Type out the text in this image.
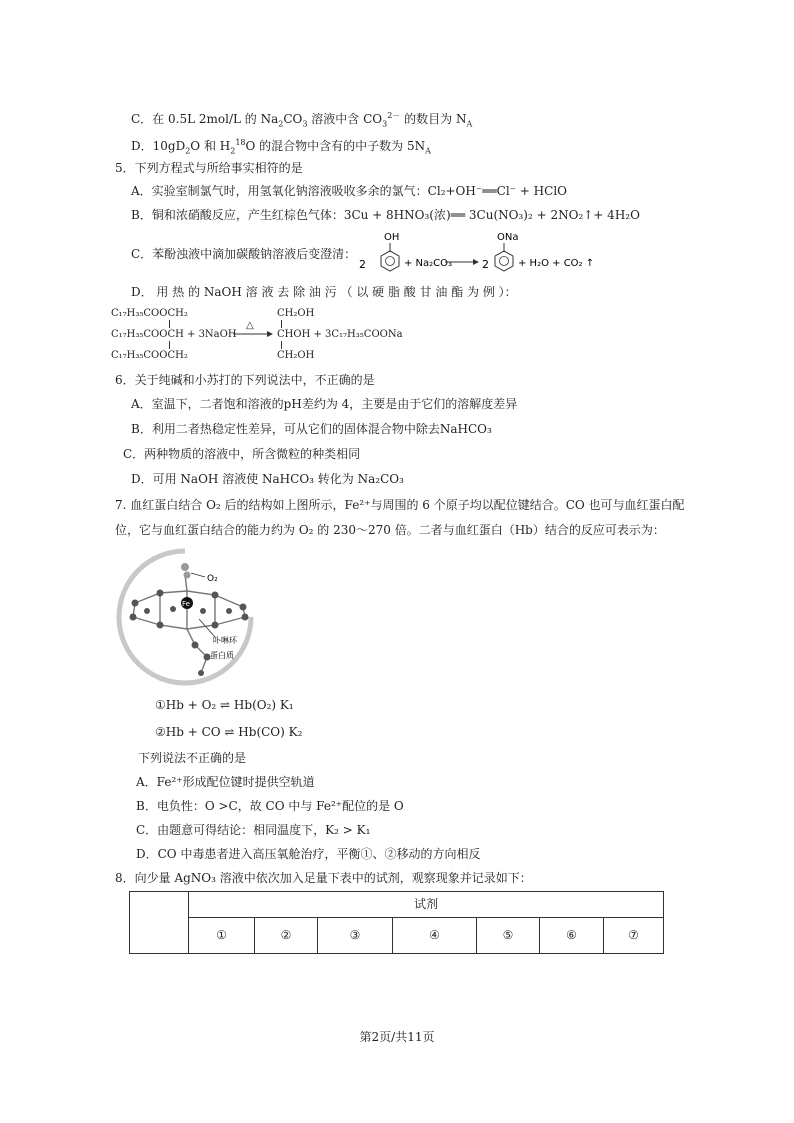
C．在 0.5L 2mol/L 的 $Na_2CO_3$ 溶液中含 $CO_3^{2-}$ 的数目为 $N_A$
D．$10gD_2O$ 和 $H_2^{18}O$ 的混合物中含有的中子数为 $5N_A$
5．下列方程式与所给事实相符的是
A．实验室制氯气时，用氢氧化钠溶液吸收多余的氯气：Cl₂+OH⁻══Cl⁻ + HClO
B．铜和浓硝酸反应，产生红棕色气体：3Cu + 8HNO₃(浓)══ 3Cu(NO₃)₂ + 2NO₂↑+ 4H₂O
C．苯酚浊液中滴加碳酸钠溶液后变澄清：
2
OH
+ Na₂CO₃	2
ONa
+ H₂O + CO₂ ↑
D． 用 热 的 NaOH 溶 液 去 除 油 污 （ 以 硬 脂 酸 甘 油 酯 为 例 ）：
C₁₇H₃₅COOCH₂
C₁₇H₃₅COOCH + 3NaOH
C₁₇H₃₅COOCH₂
△
CH₂OH
CHOH + 3C₁₇H₃₅COONa
CH₂OH
6．关于纯碱和小苏打的下列说法中，不正确的是
A．室温下，二者饱和溶液的pH差约为 4，主要是由于它们的溶解度差异
B．利用二者热稳定性差异，可从它们的固体混合物中除去NaHCO₃
C．两种物质的溶液中，所含微粒的种类相同
D．可用 NaOH 溶液使 NaHCO₃ 转化为 Na₂CO₃
7. 血红蛋白结合 O₂ 后的结构如上图所示，Fe²⁺与周围的 6 个原子均以配位键结合。CO 也可与血红蛋白配
位，它与血红蛋白结合的能力约为 O₂ 的 230～270 倍。二者与血红蛋白（Hb）结合的反应可表示为：
Fe
O₂
卟啉环
蛋白质
①Hb + O₂ ⇌ Hb(O₂) K₁
②Hb + CO ⇌ Hb(CO) K₂
下列说法不正确的是
A．Fe²⁺形成配位键时提供空轨道
B．电负性：O >C，故 CO 中与 Fe²⁺配位的是 O
C．由题意可得结论：相同温度下，K₂ > K₁
D．CO 中毒患者进入高压氧舱治疗，平衡①、②移动的方向相反
8．向少量 AgNO₃ 溶液中依次加入足量下表中的试剂，观察现象并记录如下：
试剂
①	②	③	④	⑤	⑥	⑦
第2页/共11页
